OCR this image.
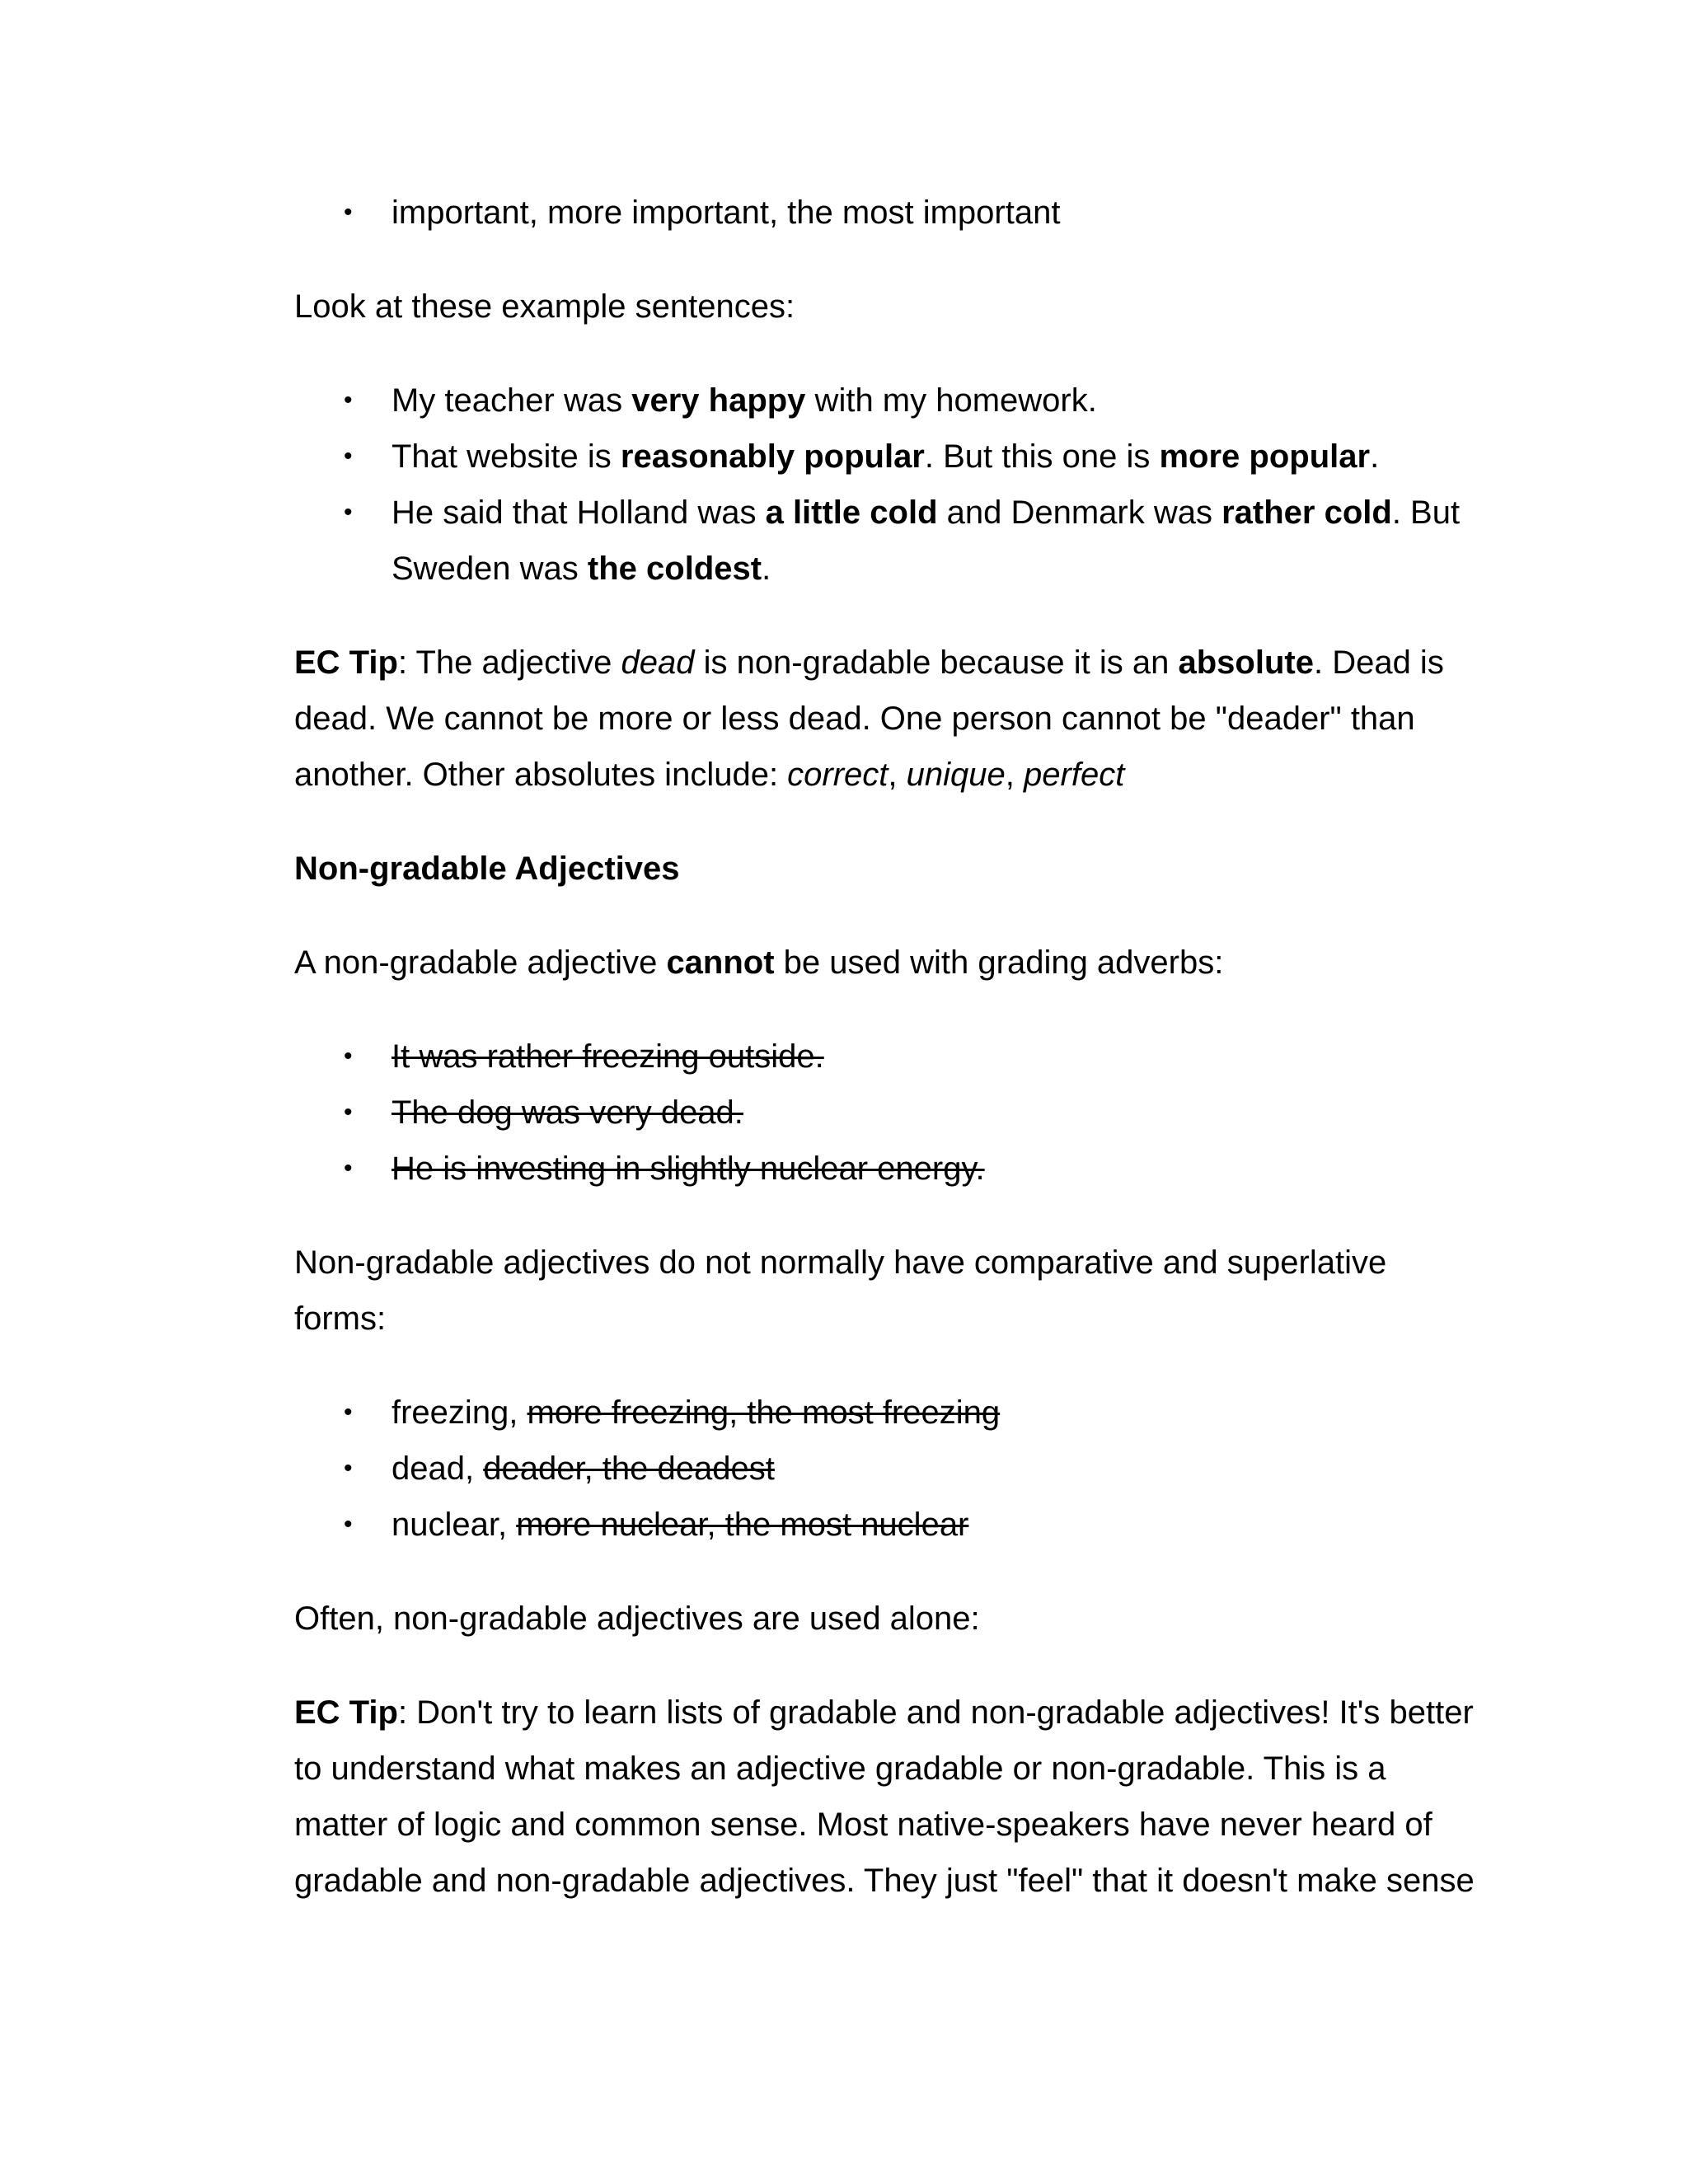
• important, more important, the most important

Look at these example sentences:

• My teacher was very happy with my homework.
• That website is reasonably popular. But this one is more popular.
• He said that Holland was a little cold and Denmark was rather cold. But Sweden was the coldest.

EC Tip: The adjective dead is non-gradable because it is an absolute. Dead is dead. We cannot be more or less dead. One person cannot be "deader" than another. Other absolutes include: correct, unique, perfect

Non-gradable Adjectives

A non-gradable adjective cannot be used with grading adverbs:

• It was rather freezing outside.
• The dog was very dead.
• He is investing in slightly nuclear energy.

Non-gradable adjectives do not normally have comparative and superlative forms:

• freezing, more freezing, the most freezing
• dead, deader, the deadest
• nuclear, more nuclear, the most nuclear

Often, non-gradable adjectives are used alone:

EC Tip: Don't try to learn lists of gradable and non-gradable adjectives! It's better to understand what makes an adjective gradable or non-gradable. This is a matter of logic and common sense. Most native-speakers have never heard of gradable and non-gradable adjectives. They just "feel" that it doesn't make sense
